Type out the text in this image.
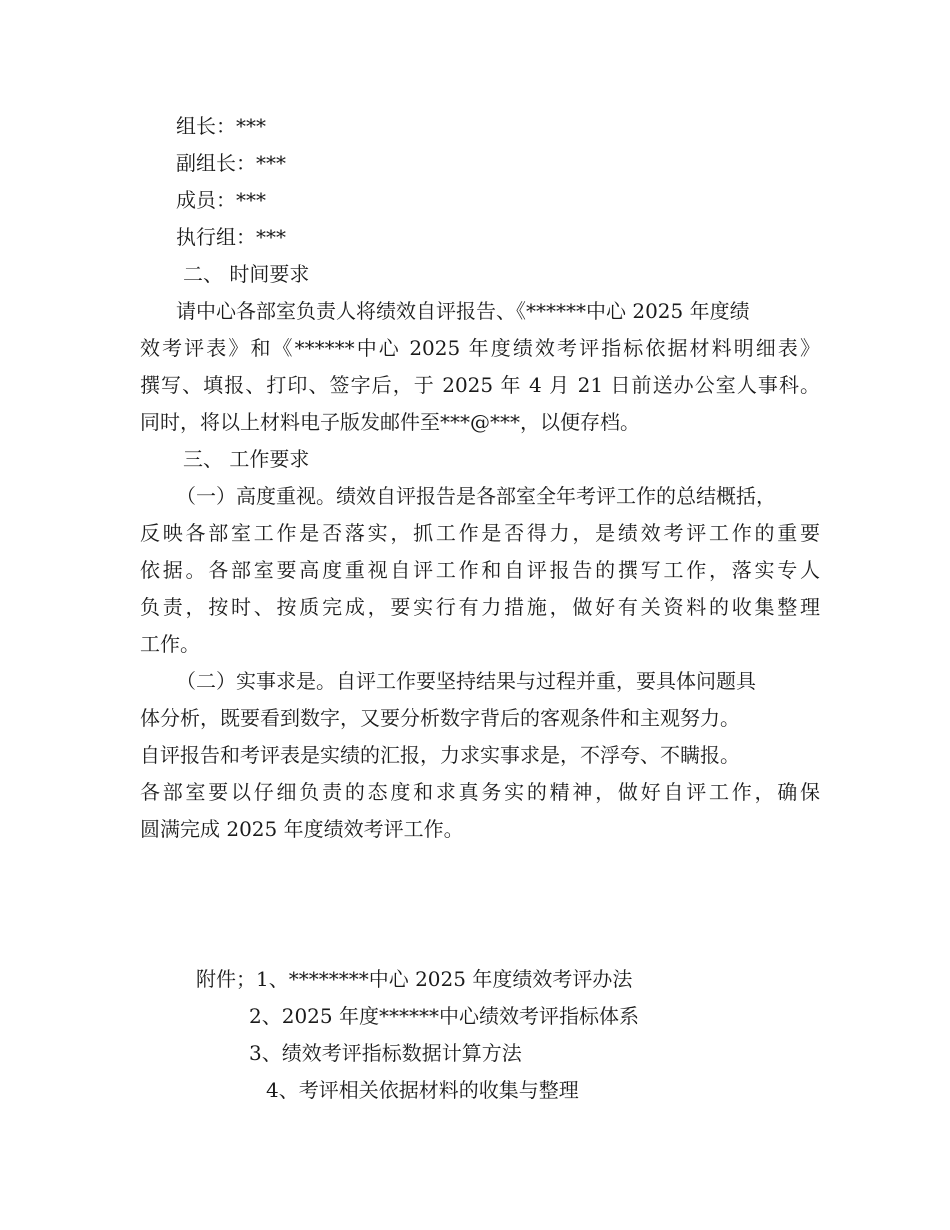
组长：***
副组长：***
成员：***
执行组：***
二、 时间要求
请中心各部室负责人将绩效自评报告、《******中心 2025 年度绩
效考评表》和《******中心 2025 年度绩效考评指标依据材料明细表》
撰写、填报、打印、签字后，于 2025 年 4 月 21 日前送办公室人事科。
同时，将以上材料电子版发邮件至***@***，以便存档。
三、 工作要求
（一）高度重视。绩效自评报告是各部室全年考评工作的总结概括，
反映各部室工作是否落实，抓工作是否得力，是绩效考评工作的重要
依据。各部室要高度重视自评工作和自评报告的撰写工作，落实专人
负责，按时、按质完成，要实行有力措施，做好有关资料的收集整理
工作。
（二）实事求是。自评工作要坚持结果与过程并重，要具体问题具
体分析，既要看到数字，又要分析数字背后的客观条件和主观努力。
自评报告和考评表是实绩的汇报，力求实事求是，不浮夸、不瞒报。
各部室要以仔细负责的态度和求真务实的精神，做好自评工作，确保
圆满完成 2025 年度绩效考评工作。
附件；1、********中心 2025 年度绩效考评办法
2、2025 年度******中心绩效考评指标体系
3、绩效考评指标数据计算方法
4、考评相关依据材料的收集与整理
